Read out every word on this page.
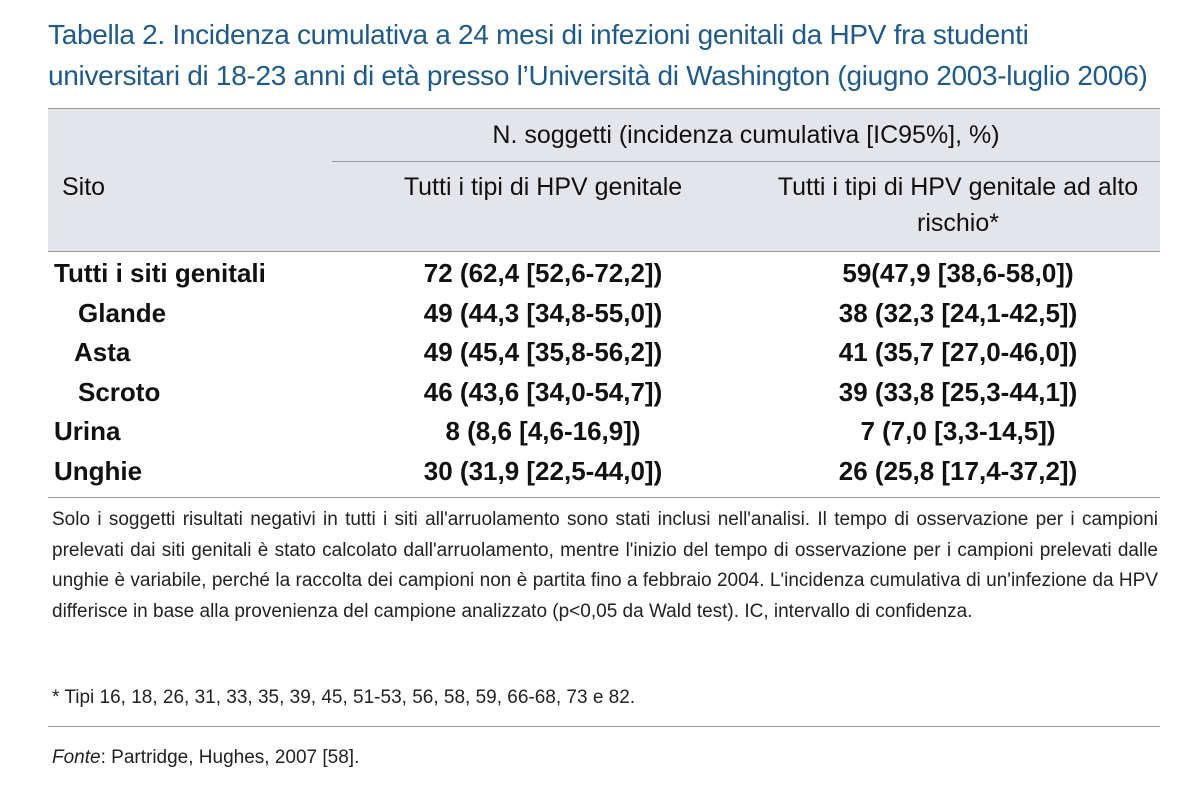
Tabella 2. Incidenza cumulativa a 24 mesi di infezioni genitali da HPV fra studenti universitari di 18-23 anni di età presso l’Università di Washington (giugno 2003-luglio 2006)
N. soggetti (incidenza cumulativa [IC95%], %)
Sito	Tutti i tipi di HPV genitale	Tutti i tipi di HPV genitale ad alto rischio*
Tutti i siti genitali	72 (62,4 [52,6-72,2])	59(47,9 [38,6-58,0])
Glande	49 (44,3 [34,8-55,0])	38 (32,3 [24,1-42,5])
Asta	49 (45,4 [35,8-56,2])	41 (35,7 [27,0-46,0])
Scroto	46 (43,6 [34,0-54,7])	39 (33,8 [25,3-44,1])
Urina	8 (8,6 [4,6-16,9])	7 (7,0 [3,3-14,5])
Unghie	30 (31,9 [22,5-44,0])	26 (25,8 [17,4-37,2])
Solo i soggetti risultati negativi in tutti i siti all'arruolamento sono stati inclusi nell'analisi. Il tempo di osservazione per i campioni prelevati dai siti genitali è stato calcolato dall'arruolamento, mentre l'inizio del tempo di osservazione per i campioni prelevati dalle unghie è variabile, perché la raccolta dei campioni non è partita fino a febbraio 2004. L'incidenza cumulativa di un'infezione da HPV differisce in base alla provenienza del campione analizzato (p<0,05 da Wald test). IC, intervallo di confidenza.
* Tipi 16, 18, 26, 31, 33, 35, 39, 45, 51-53, 56, 58, 59, 66-68, 73 e 82.
Fonte: Partridge, Hughes, 2007 [58].
